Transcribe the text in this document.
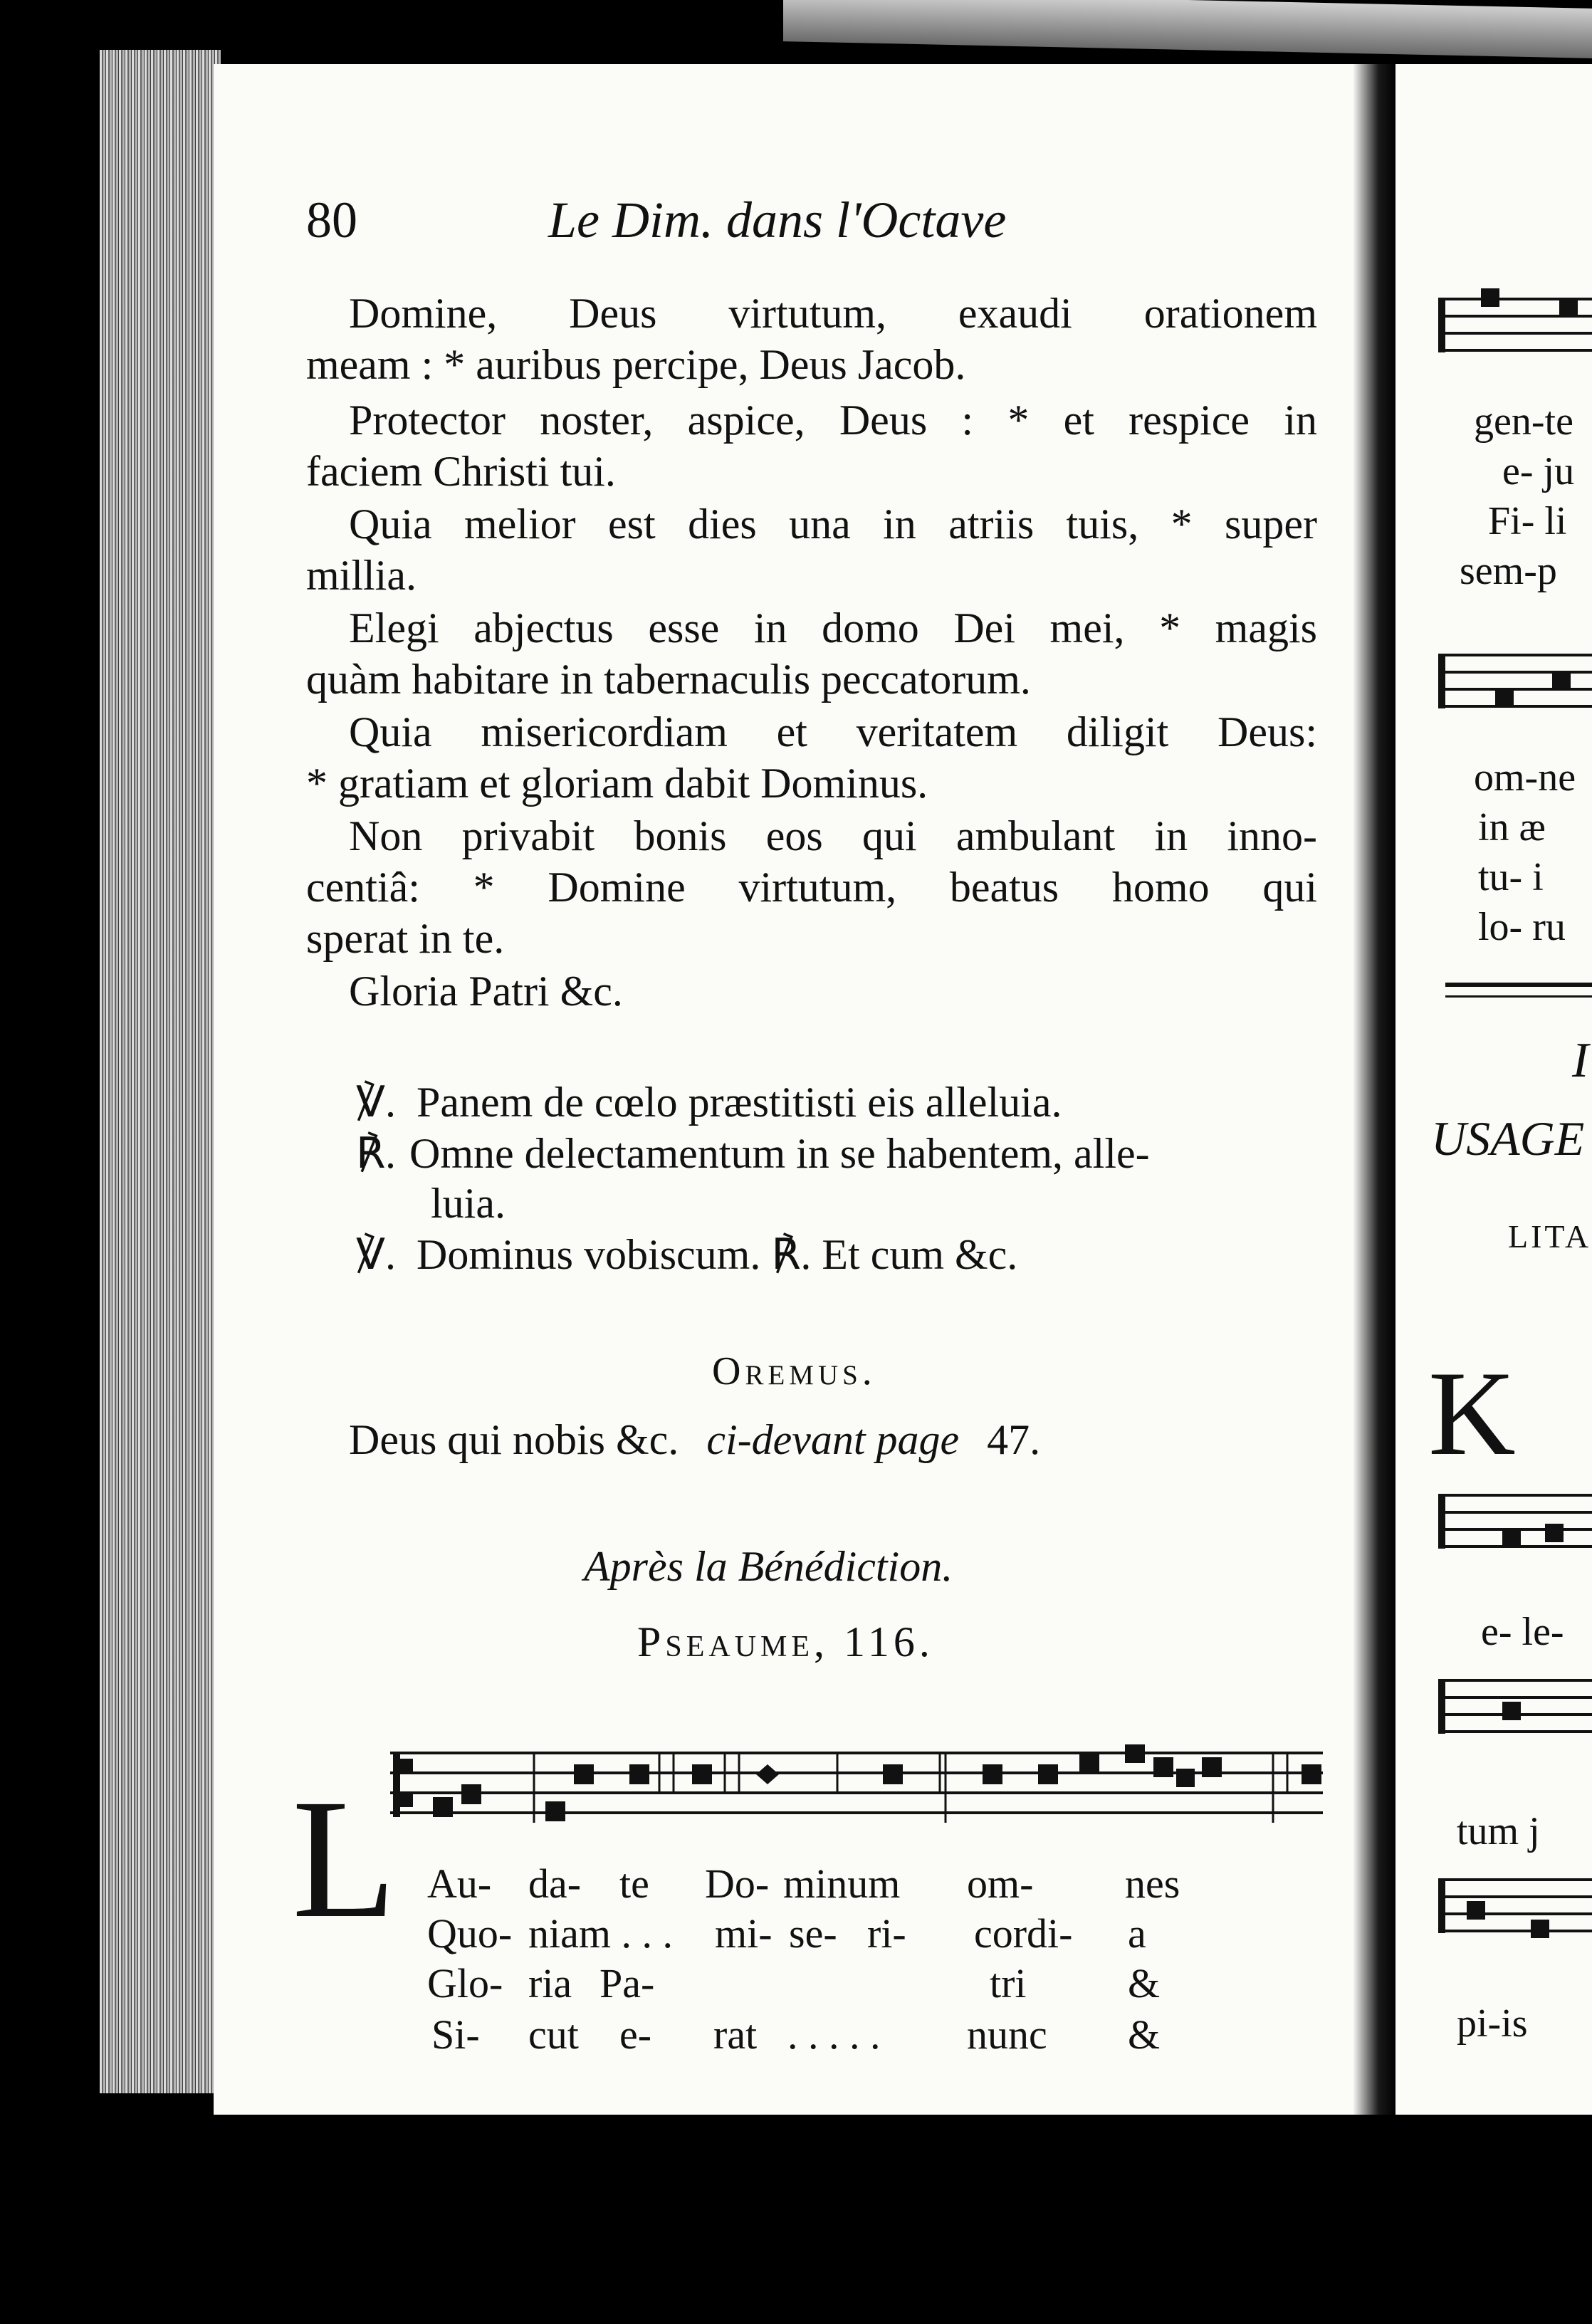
80	Le Dim. dans l'Octave
Domine, Deus virtutum, exaudi orationem
meam : * auribus percipe, Deus Jacob.
Protector noster, aspice, Deus : * et respice in
faciem Christi tui.
Quia melior est dies una in atriis tuis, * super
millia.
Elegi abjectus esse in domo Dei mei, * magis
quàm habitare in tabernaculis peccatorum.
Quia misericordiam et veritatem diligit Deus:
* gratiam et gloriam dabit Dominus.
Non privabit bonis eos qui ambulant in inno-
centiâ: * Domine virtutum, beatus homo qui
sperat in te.
Gloria Patri &c.
℣. Panem de cœlo præstitisti eis alleluia.
℟. Omne delectamentum in se habentem, alle-
luia.
℣. Dominus vobiscum. ℟. Et cum &c.
Oremus.
Deus qui nobis &c. ci-devant page 47.
Après la Bénédiction.
Pseaume, 116.
L Au- da- te Do- minum om- nes
Quo- niam . . . mi- se- ri- cordi- a
Glo- ria Pa-	tri &
Si- cut e- rat . . . . . nunc &
gen-te
e- ju
Fi- li
sem-p
om-ne
in æ
tu- i
lo- ru
I
USAGE
LITA
K
e- le-
tum j
pi-is
